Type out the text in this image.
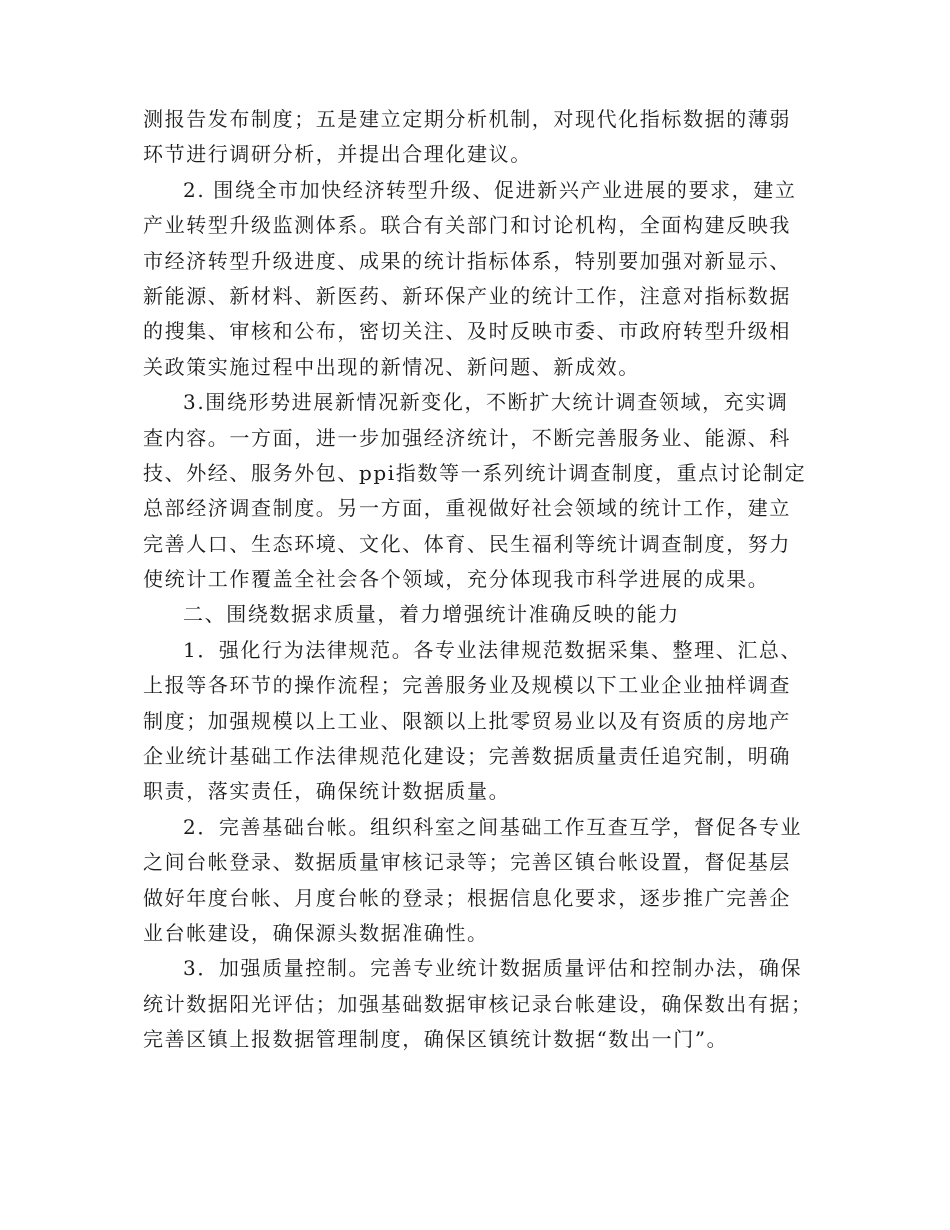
测报告发布制度；五是建立定期分析机制，对现代化指标数据的薄弱
环节进行调研分析，并提出合理化建议。
2. 围绕全市加快经济转型升级、促进新兴产业进展的要求，建立
产业转型升级监测体系。联合有关部门和讨论机构，全面构建反映我
市经济转型升级进度、成果的统计指标体系，特别要加强对新显示、
新能源、新材料、新医药、新环保产业的统计工作，注意对指标数据
的搜集、审核和公布，密切关注、及时反映市委、市政府转型升级相
关政策实施过程中出现的新情况、新问题、新成效。
3.围绕形势进展新情况新变化，不断扩大统计调查领域，充实调
查内容。一方面，进一步加强经济统计，不断完善服务业、能源、科
技、外经、服务外包、ppi指数等一系列统计调查制度，重点讨论制定
总部经济调查制度。另一方面，重视做好社会领域的统计工作，建立
完善人口、生态环境、文化、体育、民生福利等统计调查制度，努力
使统计工作覆盖全社会各个领域，充分体现我市科学进展的成果。
二、围绕数据求质量，着力增强统计准确反映的能力
1．强化行为法律规范。各专业法律规范数据采集、整理、汇总、
上报等各环节的操作流程；完善服务业及规模以下工业企业抽样调查
制度；加强规模以上工业、限额以上批零贸易业以及有资质的房地产
企业统计基础工作法律规范化建设；完善数据质量责任追究制，明确
职责，落实责任，确保统计数据质量。
2．完善基础台帐。组织科室之间基础工作互查互学，督促各专业
之间台帐登录、数据质量审核记录等；完善区镇台帐设置，督促基层
做好年度台帐、月度台帐的登录；根据信息化要求，逐步推广完善企
业台帐建设，确保源头数据准确性。
3．加强质量控制。完善专业统计数据质量评估和控制办法，确保
统计数据阳光评估；加强基础数据审核记录台帐建设，确保数出有据；
完善区镇上报数据管理制度，确保区镇统计数据“数出一门”。
